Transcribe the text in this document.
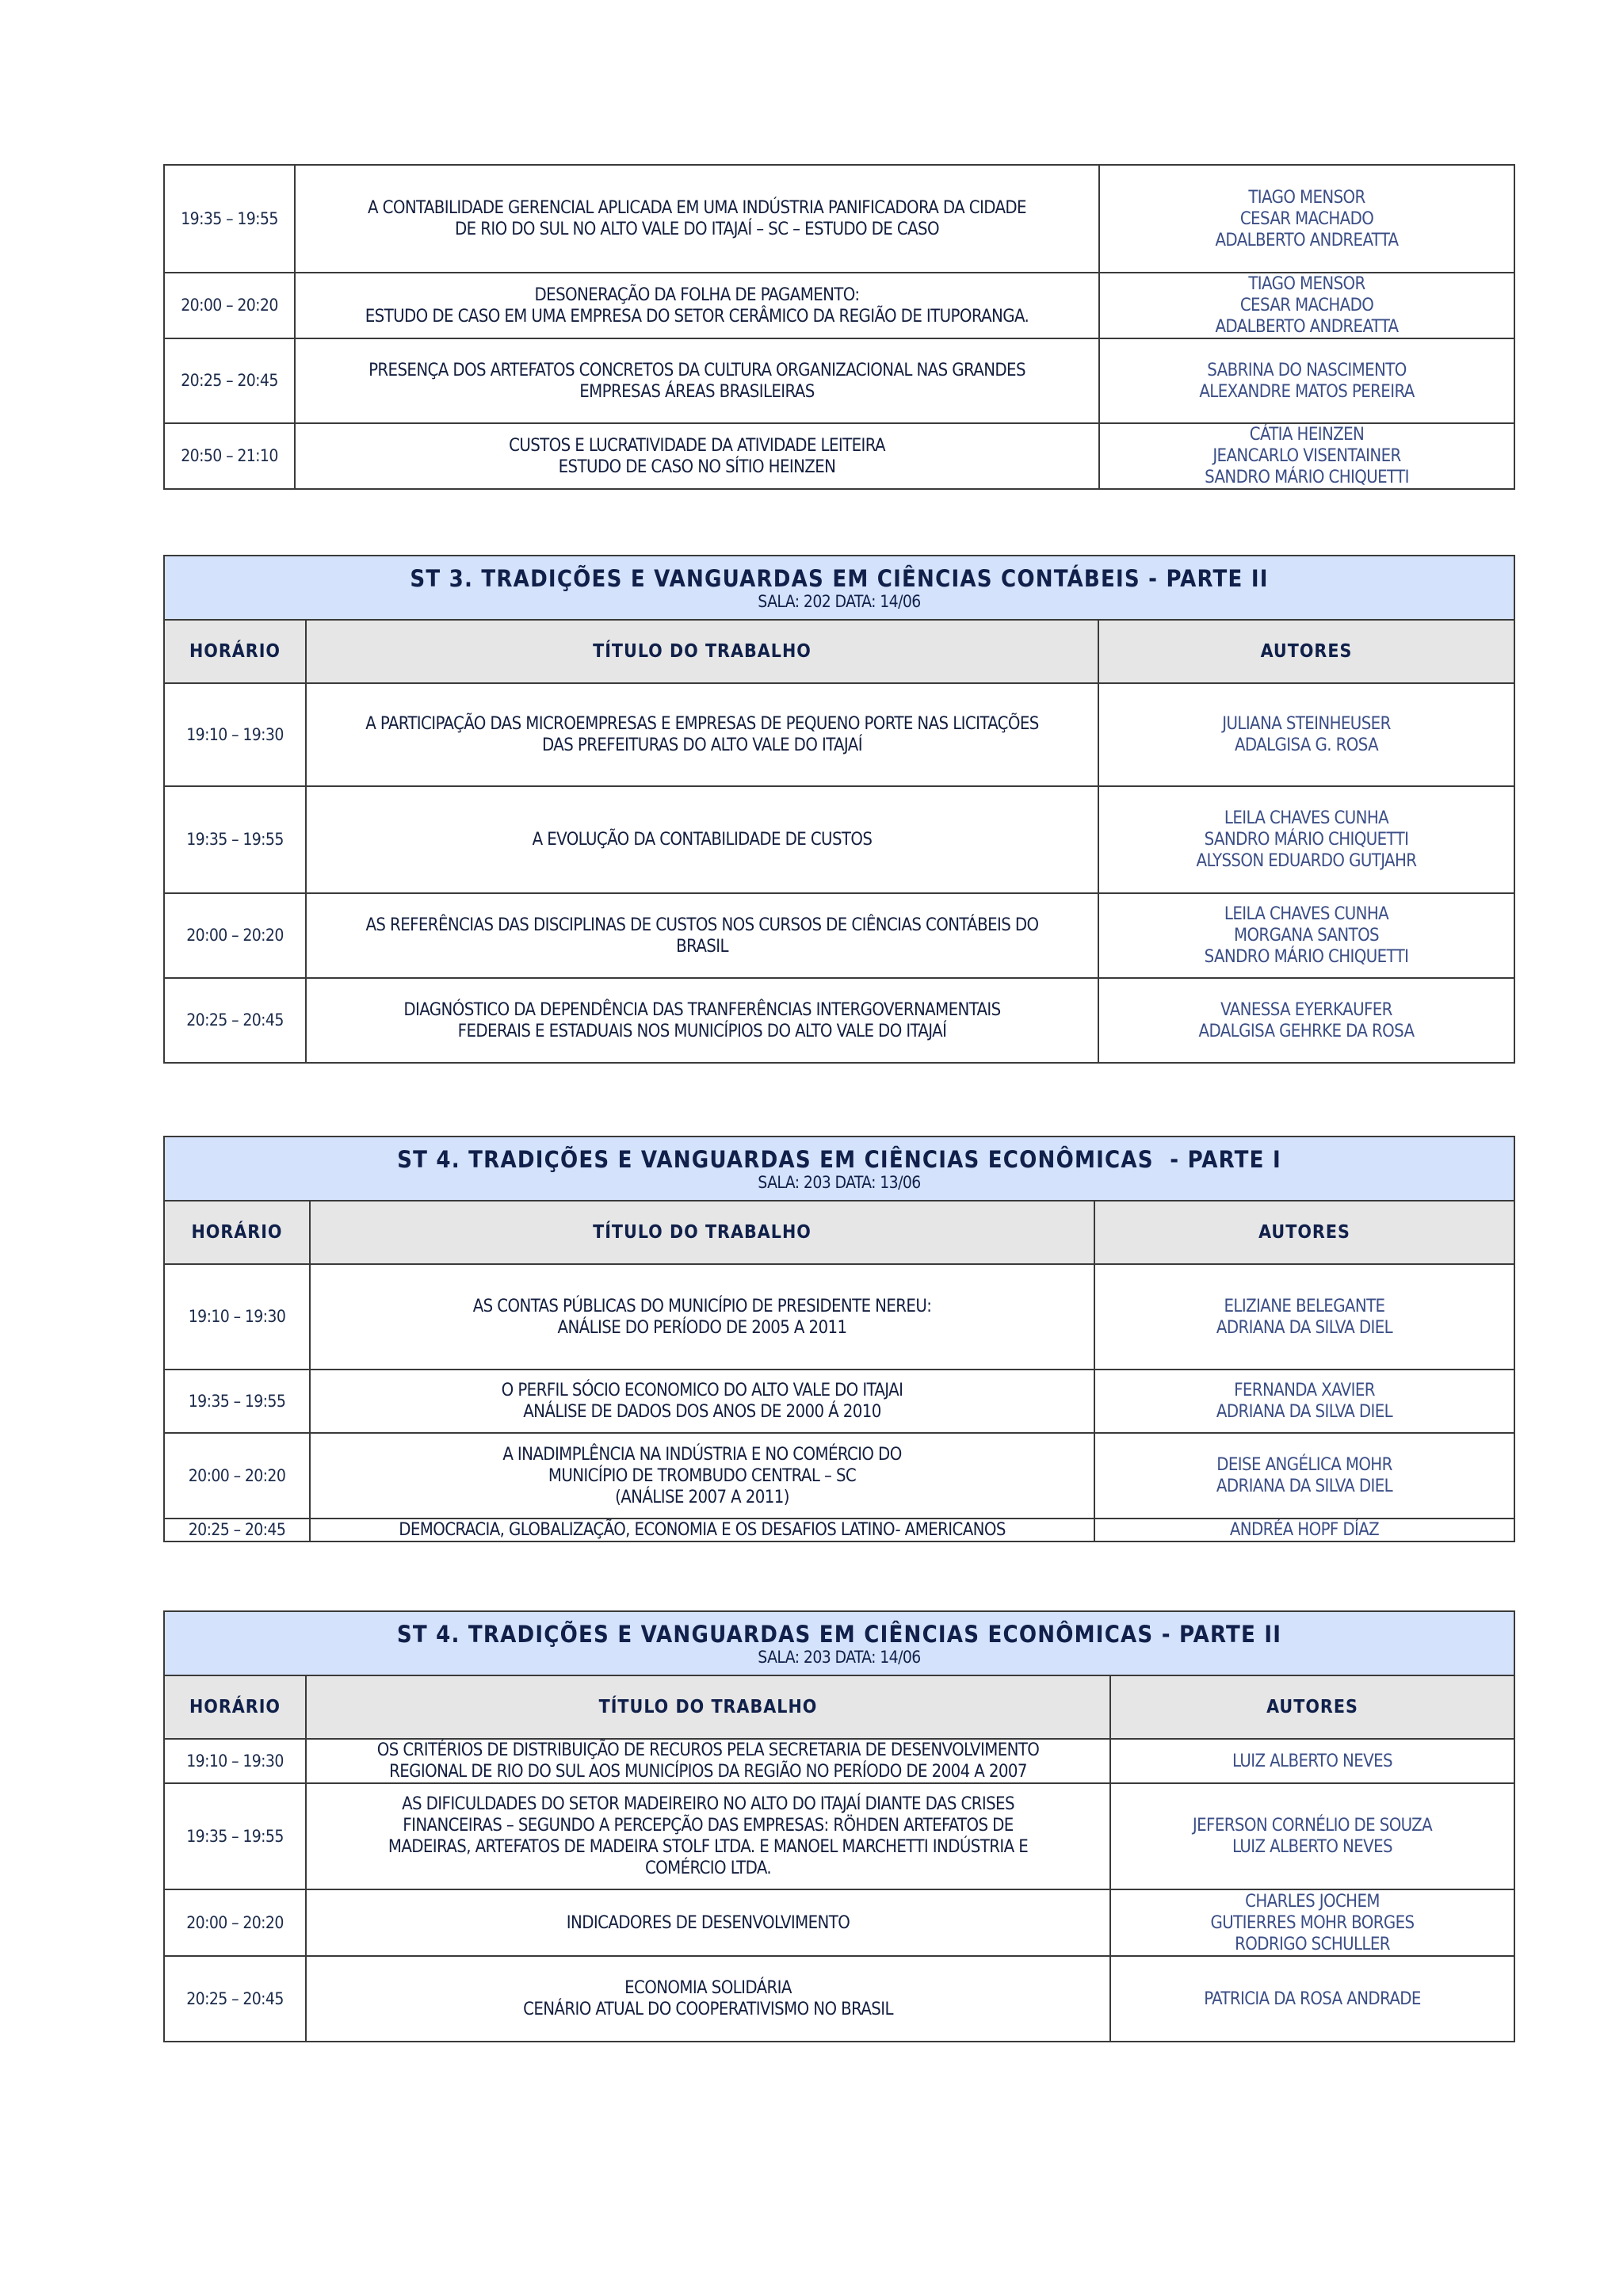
19:35 – 19:55	A CONTABILIDADE GERENCIAL APLICADA EM UMA INDÚSTRIA PANIFICADORA DA CIDADE
DE RIO DO SUL NO ALTO VALE DO ITAJAÍ – SC – ESTUDO DE CASO	TIAGO MENSOR
CESAR MACHADO
ADALBERTO ANDREATTA

20:00 – 20:20	DESONERAÇÃO DA FOLHA DE PAGAMENTO:
ESTUDO DE CASO EM UMA EMPRESA DO SETOR CERÂMICO DA REGIÃO DE ITUPORANGA.	TIAGO MENSOR
CESAR MACHADO
ADALBERTO ANDREATTA

20:25 – 20:45	PRESENÇA DOS ARTEFATOS CONCRETOS DA CULTURA ORGANIZACIONAL NAS GRANDES
EMPRESAS ÁREAS BRASILEIRAS	SABRINA DO NASCIMENTO
ALEXANDRE MATOS PEREIRA

20:50 – 21:10	CUSTOS E LUCRATIVIDADE DA ATIVIDADE LEITEIRA
ESTUDO DE CASO NO SÍTIO HEINZEN	CÁTIA HEINZEN
JEANCARLO VISENTAINER
SANDRO MÁRIO CHIQUETTI
ST 3. TRADIÇÕES E VANGUARDAS EM CIÊNCIAS CONTÁBEIS - PARTE II
SALA: 202 DATA: 14/06		

HORÁRIO	TÍTULO DO TRABALHO	AUTORES
19:10 – 19:30	A PARTICIPAÇÃO DAS MICROEMPRESAS E EMPRESAS DE PEQUENO PORTE NAS LICITAÇÕES
DAS PREFEITURAS DO ALTO VALE DO ITAJAÍ	JULIANA STEINHEUSER
ADALGISA G. ROSA

19:35 – 19:55	A EVOLUÇÃO DA CONTABILIDADE DE CUSTOS	LEILA CHAVES CUNHA
SANDRO MÁRIO CHIQUETTI
ALYSSON EDUARDO GUTJAHR

20:00 – 20:20	AS REFERÊNCIAS DAS DISCIPLINAS DE CUSTOS NOS CURSOS DE CIÊNCIAS CONTÁBEIS DO
BRASIL	LEILA CHAVES CUNHA
MORGANA SANTOS
SANDRO MÁRIO CHIQUETTI

20:25 – 20:45	DIAGNÓSTICO DA DEPENDÊNCIA DAS TRANFERÊNCIAS INTERGOVERNAMENTAIS
FEDERAIS E ESTADUAIS NOS MUNICÍPIOS DO ALTO VALE DO ITAJAÍ	VANESSA EYERKAUFER
ADALGISA GEHRKE DA ROSA
ST 4. TRADIÇÕES E VANGUARDAS EM CIÊNCIAS ECONÔMICAS  - PARTE I
SALA: 203 DATA: 13/06		

HORÁRIO	TÍTULO DO TRABALHO	AUTORES
19:10 – 19:30	AS CONTAS PÚBLICAS DO MUNICÍPIO DE PRESIDENTE NEREU:
ANÁLISE DO PERÍODO DE 2005 A 2011	ELIZIANE BELEGANTE
ADRIANA DA SILVA DIEL

19:35 – 19:55	O PERFIL SÓCIO ECONOMICO DO ALTO VALE DO ITAJAI
ANÁLISE DE DADOS DOS ANOS DE 2000 Á 2010	FERNANDA XAVIER
ADRIANA DA SILVA DIEL

20:00 – 20:20	A INADIMPLÊNCIA NA INDÚSTRIA E NO COMÉRCIO DO
MUNICÍPIO DE TROMBUDO CENTRAL – SC
(ANÁLISE 2007 A 2011)	DEISE ANGÉLICA MOHR
ADRIANA DA SILVA DIEL

20:25 – 20:45	DEMOCRACIA, GLOBALIZAÇÃO, ECONOMIA E OS DESAFIOS LATINO- AMERICANOS	ANDRÉA HOPF DÍAZ
ST 4. TRADIÇÕES E VANGUARDAS EM CIÊNCIAS ECONÔMICAS - PARTE II
SALA: 203 DATA: 14/06		

HORÁRIO	TÍTULO DO TRABALHO	AUTORES
19:10 – 19:30	OS CRITÉRIOS DE DISTRIBUIÇÃO DE RECUROS PELA SECRETARIA DE DESENVOLVIMENTO
REGIONAL DE RIO DO SUL AOS MUNICÍPIOS DA REGIÃO NO PERÍODO DE 2004 A 2007	LUIZ ALBERTO NEVES

19:35 – 19:55	AS DIFICULDADES DO SETOR MADEIREIRO NO ALTO DO ITAJAÍ DIANTE DAS CRISES
FINANCEIRAS – SEGUNDO A PERCEPÇÃO DAS EMPRESAS: RÖHDEN ARTEFATOS DE
MADEIRAS, ARTEFATOS DE MADEIRA STOLF LTDA. E MANOEL MARCHETTI INDÚSTRIA E
COMÉRCIO LTDA.	JEFERSON CORNÉLIO DE SOUZA
LUIZ ALBERTO NEVES

20:00 – 20:20	INDICADORES DE DESENVOLVIMENTO	CHARLES JOCHEM
GUTIERRES MOHR BORGES
RODRIGO SCHULLER

20:25 – 20:45	ECONOMIA SOLIDÁRIA
CENÁRIO ATUAL DO COOPERATIVISMO NO BRASIL	PATRICIA DA ROSA ANDRADE
